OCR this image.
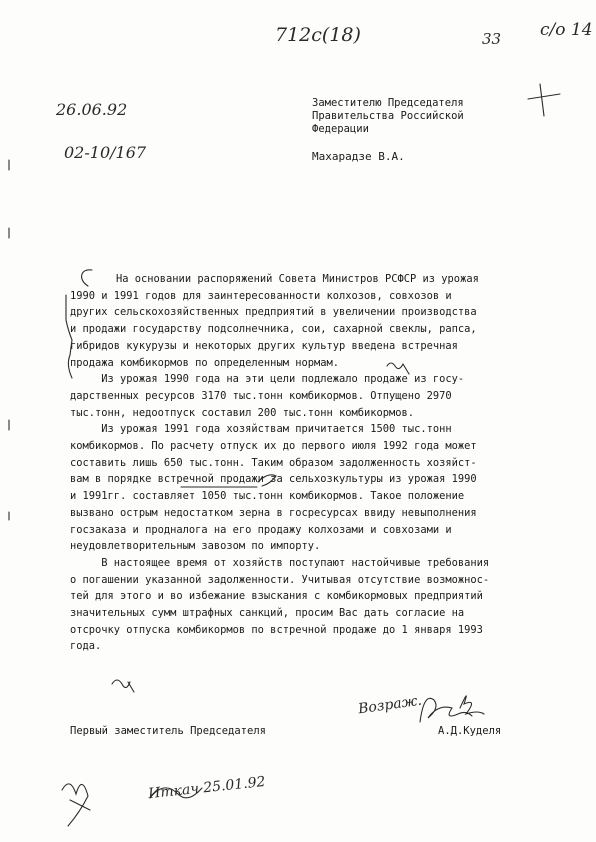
712c(18)	33 с/о 14
26.06.92
02-10/167
Заместителю Председателя
Правительства Российской
Федерации
Махарадзе В.А.

На основании распоряжений Совета Министров РСФСР из урожая

1990 и 1991 годов для заинтересованности колхозов, совхозов и

других сельскохозяйственных предприятий в увеличении производства

и продажи государству подсолнечника, сои, сахарной свеклы, рапса,

гибридов кукурузы и некоторых других культур введена встречная

продажа комбикормов по определенным нормам.

Из урожая 1990 года на эти цели подлежало продаже из госу-

дарственных ресурсов 3170 тыс.тонн комбикормов. Отпущено 2970

тыс.тонн, недоотпуск составил 200 тыс.тонн комбикормов.

Из урожая 1991 года хозяйствам причитается 1500 тыс.тонн

комбикормов. По расчету отпуск их до первого июля 1992 года может

составить лишь 650 тыс.тонн. Таким образом задолженность хозяйст-

вам в порядке встречной продажи за сельхозкультуры из урожая 1990

и 1991гг. составляет 1050 тыс.тонн комбикормов. Такое положение

вызвано острым недостатком зерна в госресурсах ввиду невыполнения

госзаказа и продналога на его продажу колхозами и совхозами и

неудовлетворительным завозом по импорту.

В настоящее время от хозяйств поступают настойчивые требования

о погашении указанной задолженности. Учитывая отсутствие возможнос-

тей для этого и во избежание взыскания с комбикормовых предприятий

значительных сумм штрафных санкций, просим Вас дать согласие на

отсрочку отпуска комбикормов по встречной продаже до 1 января 1993

года.

Первый заместитель Председателя	А.Д.Куделя
Возраж.
Иткач 25.01.92
